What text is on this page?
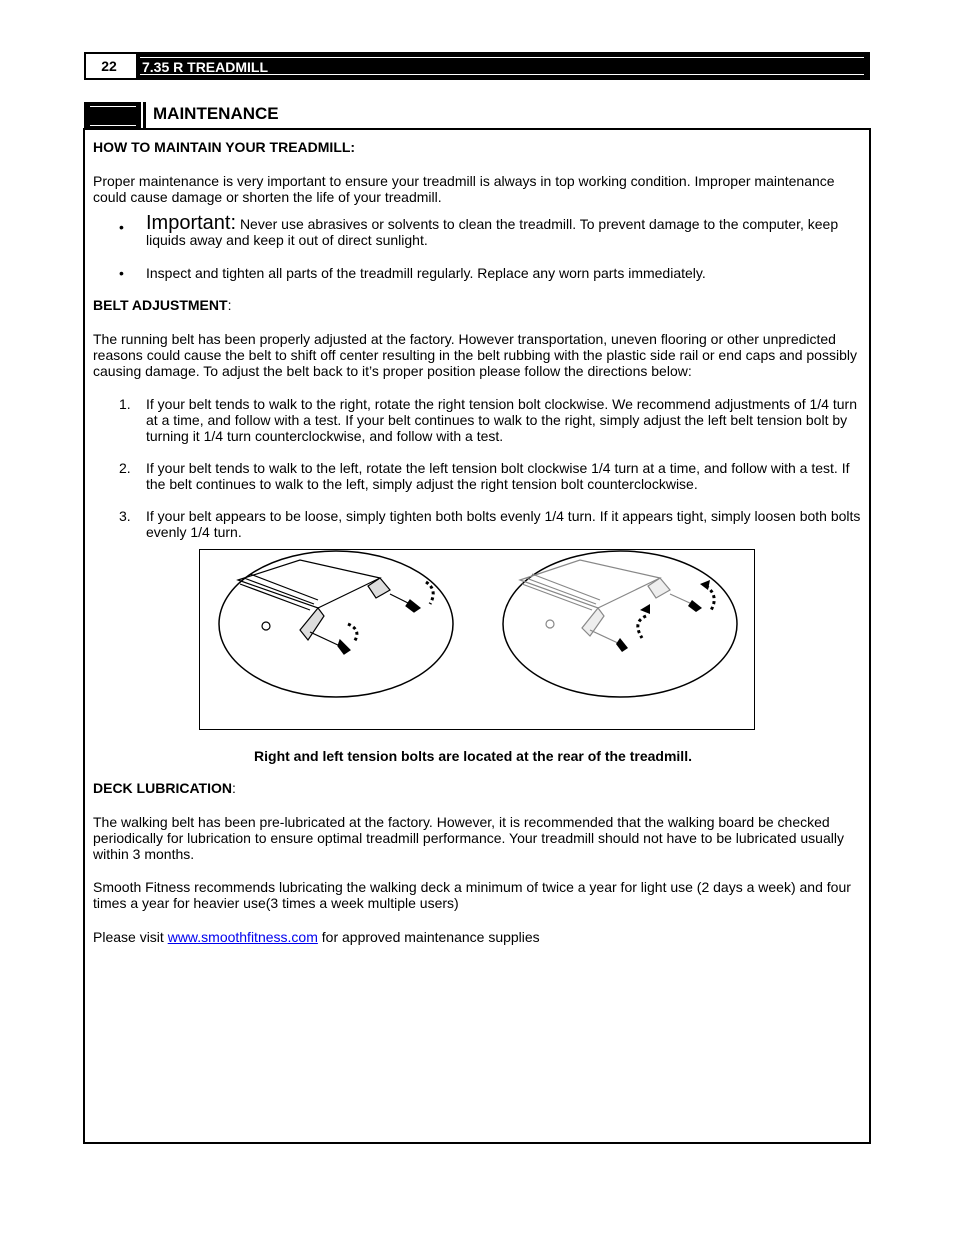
22	7.35 R TREADMILL
MAINTENANCE

HOW TO MAINTAIN YOUR TREADMILL:

Proper maintenance is very important to ensure your treadmill is always in top working condition. Improper maintenance could cause damage or shorten the life of your treadmill.

• Important: Never use abrasives or solvents to clean the treadmill. To prevent damage to the computer, keep liquids away and keep it out of direct sunlight.
• Inspect and tighten all parts of the treadmill regularly. Replace any worn parts immediately.

BELT ADJUSTMENT:

The running belt has been properly adjusted at the factory. However transportation, uneven flooring or other unpredicted reasons could cause the belt to shift off center resulting in the belt rubbing with the plastic side rail or end caps and possibly causing damage. To adjust the belt back to it’s proper position please follow the directions below:

1. If your belt tends to walk to the right, rotate the right tension bolt clockwise. We recommend adjustments of 1/4 turn at a time, and follow with a test. If your belt continues to walk to the right, simply adjust the left belt tension bolt by turning it 1/4 turn counterclockwise, and follow with a test.
2. If your belt tends to walk to the left, rotate the left tension bolt clockwise 1/4 turn at a time, and follow with a test. If the belt continues to walk to the left, simply adjust the right tension bolt counterclockwise.
3. If your belt appears to be loose, simply tighten both bolts evenly 1/4 turn. If it appears tight, simply loosen both bolts evenly 1/4 turn.
Right and left tension bolts are located at the rear of the treadmill.

DECK LUBRICATION:

The walking belt has been pre-lubricated at the factory. However, it is recommended that the walking board be checked periodically for lubrication to ensure optimal treadmill performance. Your treadmill should not have to be lubricated usually within 3 months.

Smooth Fitness recommends lubricating the walking deck a minimum of twice a year for light use (2 days a week) and four times a year for heavier use(3 times a week multiple users)

Please visit www.smoothfitness.com for approved maintenance supplies
